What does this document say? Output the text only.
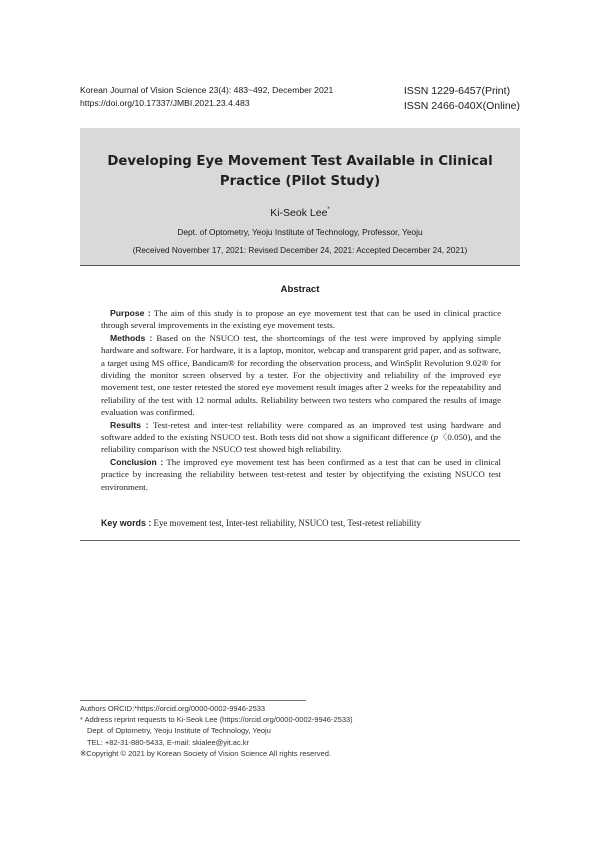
Korean Journal of Vision Science 23(4): 483~492, December 2021
https://doi.org/10.17337/JMBI.2021.23.4.483
ISSN 1229-6457(Print)
ISSN 2466-040X(Online)
Developing Eye Movement Test Available in Clinical
Practice (Pilot Study)
Ki-Seok Lee*
Dept. of Optometry, Yeoju Institute of Technology, Professor, Yeoju
(Received November 17, 2021: Revised December 24, 2021: Accepted December 24, 2021)
Abstract

Purpose : The aim of this study is to propose an eye movement test that can be used in clinical practice through several improvements in the existing eye movement tests.

Methods : Based on the NSUCO test, the shortcomings of the test were improved by applying simple hardware and software. For hardware, it is a laptop, monitor, webcap and transparent grid paper, and as software, a target using MS office, Bandicam® for recording the observation process, and WinSplit Revolution 9.02® for dividing the monitor screen observed by a tester. For the objectivity and reliability of the improved eye movement test, one tester retested the stored eye movement result images after 2 weeks for the repeatability and reliability of the test with 12 normal adults. Reliability between two testers who compared the results of image evaluation was confirmed.

Results : Test-retest and inter-test reliability were compared as an improved test using hardware and software added to the existing NSUCO test. Both tests did not show a significant difference (p〈0.050), and the reliability comparison with the NSUCO test showed high reliability.

Conclusion : The improved eye movement test has been confirmed as a test that can be used in clinical practice by increasing the reliability between test-retest and tester by objectifying the existing NSUCO test environment.

Key words : Eye movement test, Inter-test reliability, NSUCO test, Test-retest reliability
Authors ORCID:*https://orcid.org/0000-0002-9946-2533
* Address reprint requests to Ki-Seok Lee (https://orcid.org/0000-0002-9946-2533)
Dept. of Optometry, Yeoju Institute of Technology, Yeoju
TEL: +82-31-880-5433, E-mail: skialee@yit.ac.kr
※Copyright © 2021 by Korean Society of Vision Science All rights reserved.
